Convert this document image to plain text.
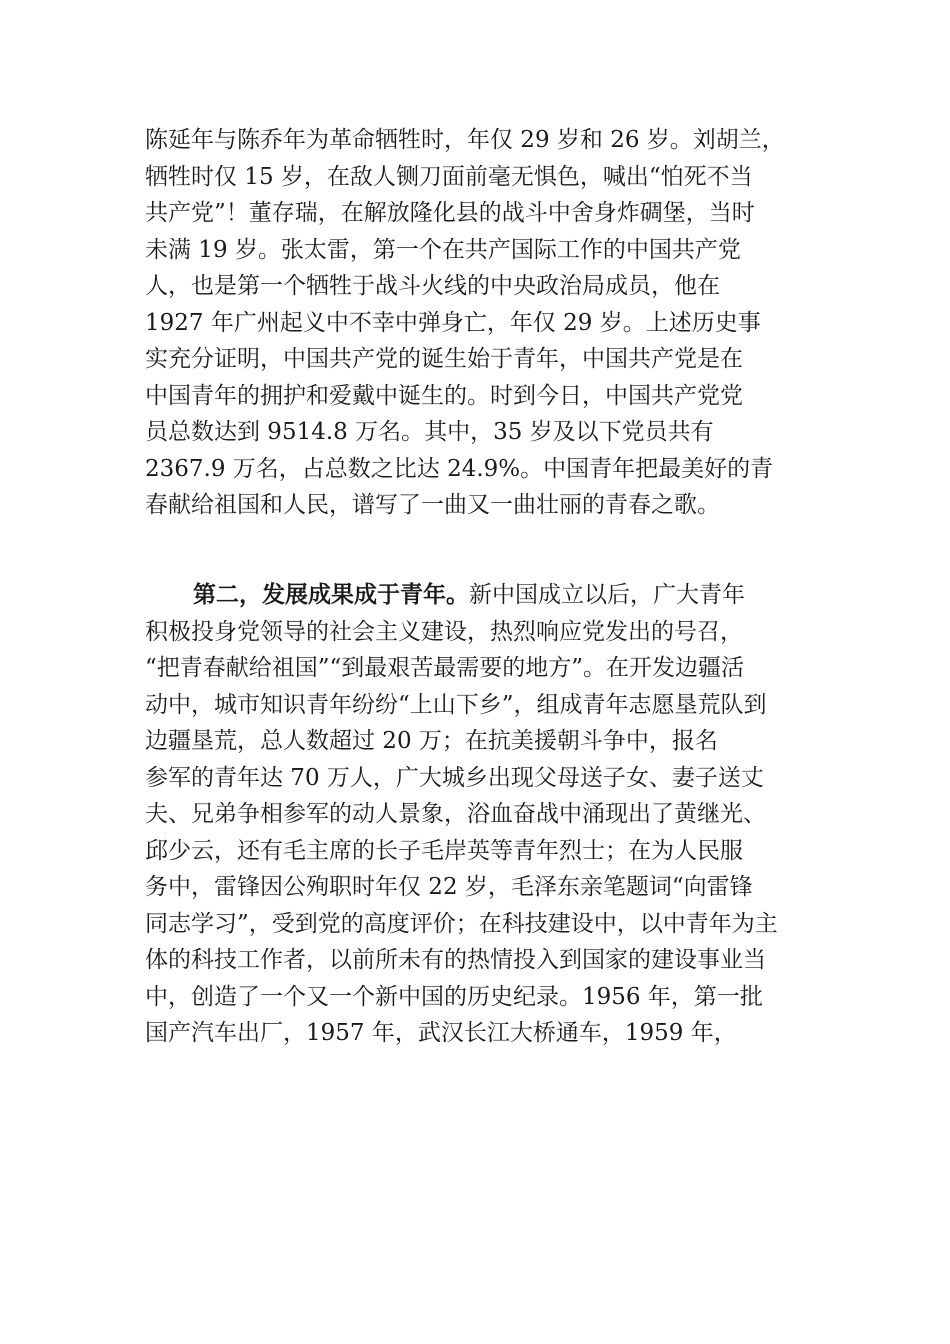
陈延年与陈乔年为革命牺牲时，年仅 29 岁和 26 岁。刘胡兰，
牺牲时仅 15 岁，在敌人铡刀面前毫无惧色，喊出“怕死不当
共产党”！董存瑞，在解放隆化县的战斗中舍身炸碉堡，当时
未满 19 岁。张太雷，第一个在共产国际工作的中国共产党
人，也是第一个牺牲于战斗火线的中央政治局成员，他在
1927 年广州起义中不幸中弹身亡，年仅 29 岁。上述历史事
实充分证明，中国共产党的诞生始于青年，中国共产党是在
中国青年的拥护和爱戴中诞生的。时到今日，中国共产党党
员总数达到 9514.8 万名。其中，35 岁及以下党员共有
2367.9 万名，占总数之比达 24.9%。中国青年把最美好的青
春献给祖国和人民，谱写了一曲又一曲壮丽的青春之歌。
第二，发展成果成于青年。新中国成立以后，广大青年
积极投身党领导的社会主义建设，热烈响应党发出的号召，
“把青春献给祖国”“到最艰苦最需要的地方”。在开发边疆活
动中，城市知识青年纷纷“上山下乡”，组成青年志愿垦荒队到
边疆垦荒，总人数超过 20 万；在抗美援朝斗争中，报名
参军的青年达 70 万人，广大城乡出现父母送子女、妻子送丈
夫、兄弟争相参军的动人景象，浴血奋战中涌现出了黄继光、
邱少云，还有毛主席的长子毛岸英等青年烈士；在为人民服
务中，雷锋因公殉职时年仅 22 岁，毛泽东亲笔题词“向雷锋
同志学习”，受到党的高度评价；在科技建设中，以中青年为主
体的科技工作者，以前所未有的热情投入到国家的建设事业当
中，创造了一个又一个新中国的历史纪录。1956 年，第一批
国产汽车出厂，1957 年，武汉长江大桥通车，1959 年，
